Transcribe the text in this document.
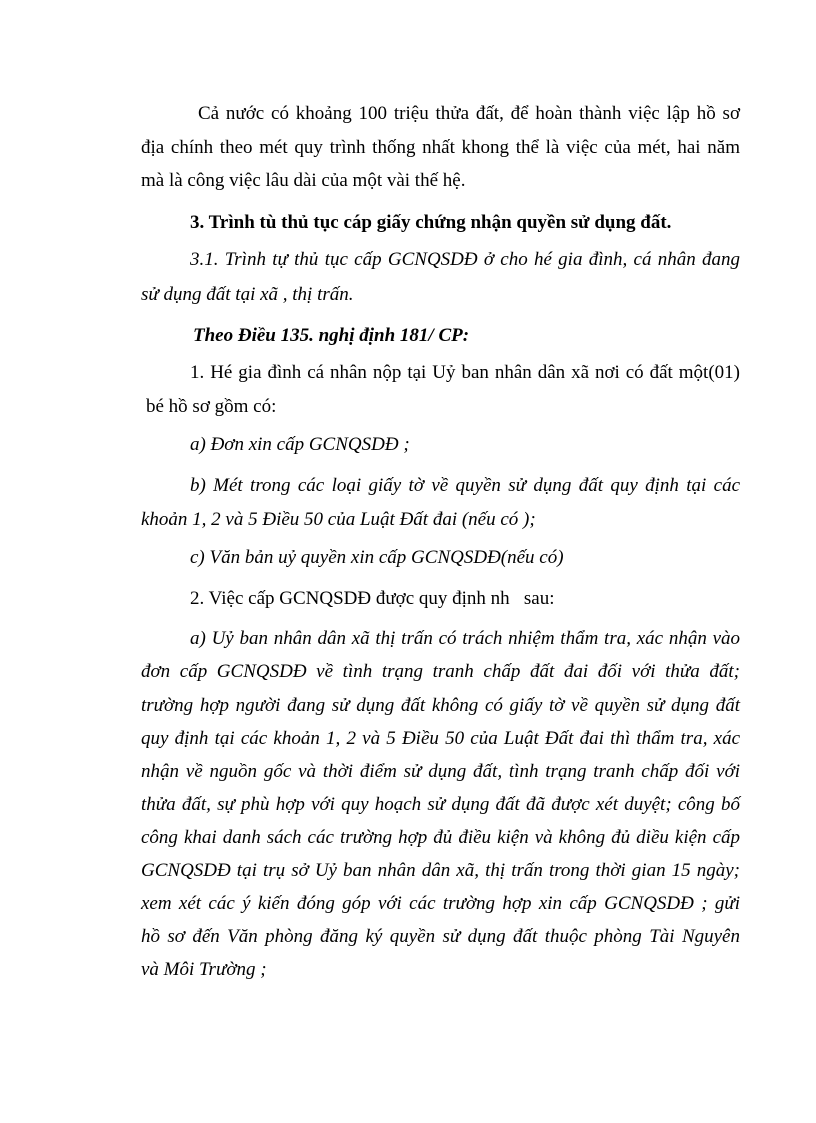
Cả nước có khoảng 100 triệu thửa đất, để hoàn thành việc lập hồ sơ
địa chính theo mét quy trình thống nhất khong thể là việc của mét, hai năm
mà là công việc lâu dài của một vài thế hệ.
3. Trình tù thủ tục cáp giấy chứng nhận quyền sử dụng đất.
3.1. Trình tự thủ tục cấp GCNQSDĐ ở cho hé gia đình, cá nhân đang
sử dụng đất tại xã , thị trấn.
Theo Điều 135. nghị định 181/ CP:
1. Hé gia đình cá nhân nộp tại Uỷ ban nhân dân xã nơi có đất một(01)
bé hồ sơ gồm có:
a) Đơn xin cấp GCNQSDĐ ;
b) Mét trong các loại giấy tờ về quyền sử dụng đất quy định tại các
khoản 1, 2 và 5 Điều 50 của Luật Đất đai (nếu có );
c) Văn bản uỷ quyền xin cấp GCNQSDĐ(nếu có)
2. Việc cấp GCNQSDĐ được quy định nh   sau:
a) Uỷ ban nhân dân xã thị trấn có trách nhiệm thẩm tra, xác nhận vào
đơn cấp GCNQSDĐ về tình trạng tranh chấp đất đai đối với thửa đất;
trường hợp người đang sử dụng đất không có giấy tờ về quyền sử dụng đất
quy định tại các khoản 1, 2 và 5 Điều 50 của Luật Đất đai thì thẩm tra, xác
nhận về nguồn gốc và thời điểm sử dụng đất, tình trạng tranh chấp đối với
thửa đất, sự phù hợp với quy hoạch sử dụng đất đã được xét duyệt; công bố
công khai danh sách các trường hợp đủ điều kiện và không đủ diều kiện cấp
GCNQSDĐ tại trụ sở Uỷ ban nhân dân xã, thị trấn trong thời gian 15 ngày;
xem xét các ý kiến đóng góp với các trường hợp xin cấp GCNQSDĐ ; gửi
hồ sơ đến Văn phòng đăng ký quyền sử dụng đất thuộc phòng Tài Nguyên
và Môi Trường ;
